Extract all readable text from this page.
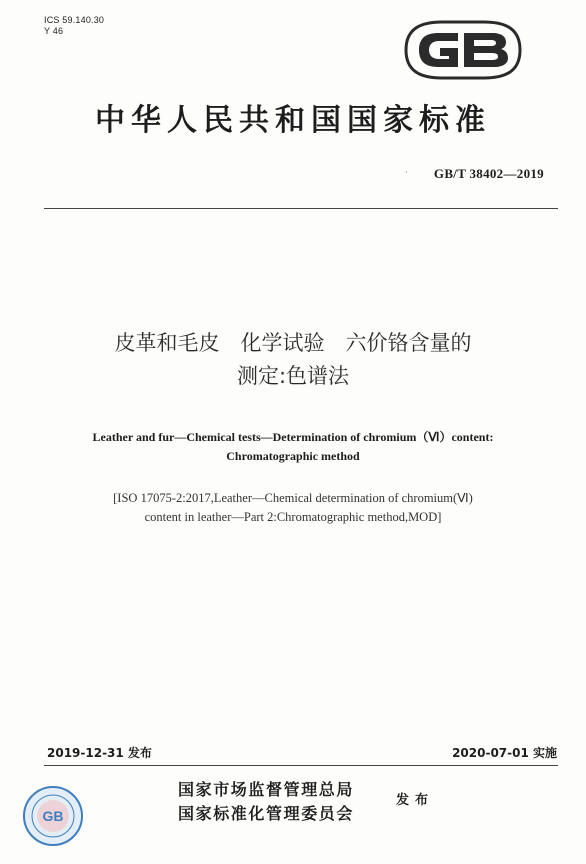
ICS 59.140.30
Y 46
中华人民共和国国家标准
· GB/T 38402—2019
皮革和毛皮　化学试验　六价铬含量的
测定:色谱法
Leather and fur—Chemical tests—Determination of chromium（Ⅵ）content:
Chromatographic method
[ISO 17075-2:2017,Leather—Chemical determination of chromium(Ⅵ)
content in leather—Part 2:Chromatographic method,MOD]
2019-12-31 发布	2020-07-01 实施
GB
国家市场监督管理总局
国家标准化管理委员会
发布
